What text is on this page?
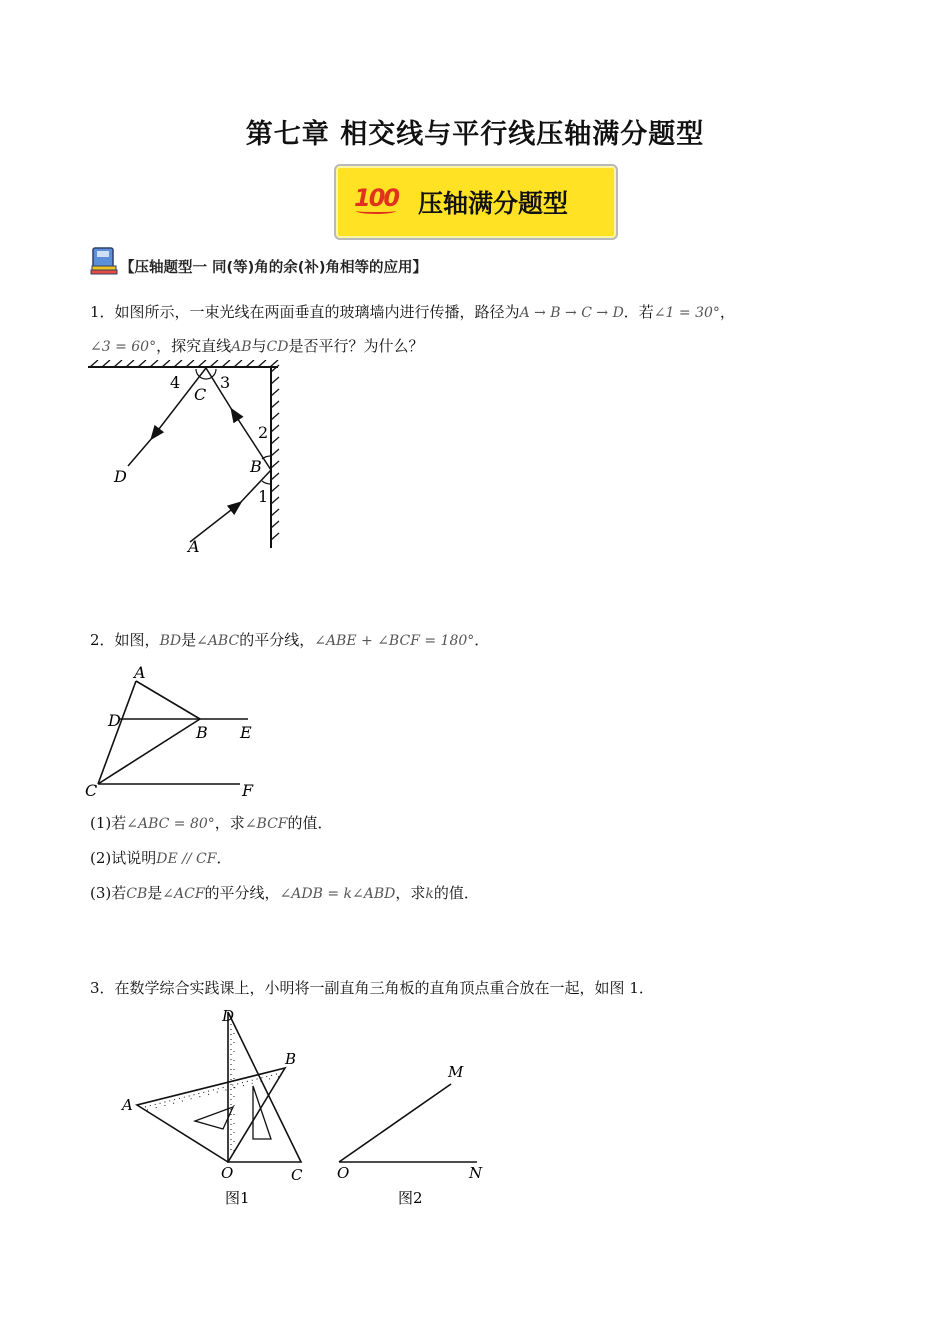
第七章 相交线与平行线压轴满分题型
100 压轴满分题型
【压轴题型一 同(等)角的余(补)角相等的应用】
1．如图所示，一束光线在两面垂直的玻璃墙内进行传播，路径为A → B → C → D．若∠1 = 30°，
∠3 = 60°，探究直线AB与CD是否平行？为什么？
4 3
C
2
B
1
D
A
2．如图，BD是∠ABC的平分线，∠ABE + ∠BCF = 180°．
A
D
B E
C	F
(1)若∠ABC = 80°，求∠BCF的值．
(2)试说明DE // CF．
(3)若CB是∠ACF的平分线，∠ADB = k∠ABD，求k的值．
3．在数学综合实践课上，小明将一副直角三角板的直角顶点重合放在一起，如图 1．
D
B
A
O	C
图1
M
O	N
图2
